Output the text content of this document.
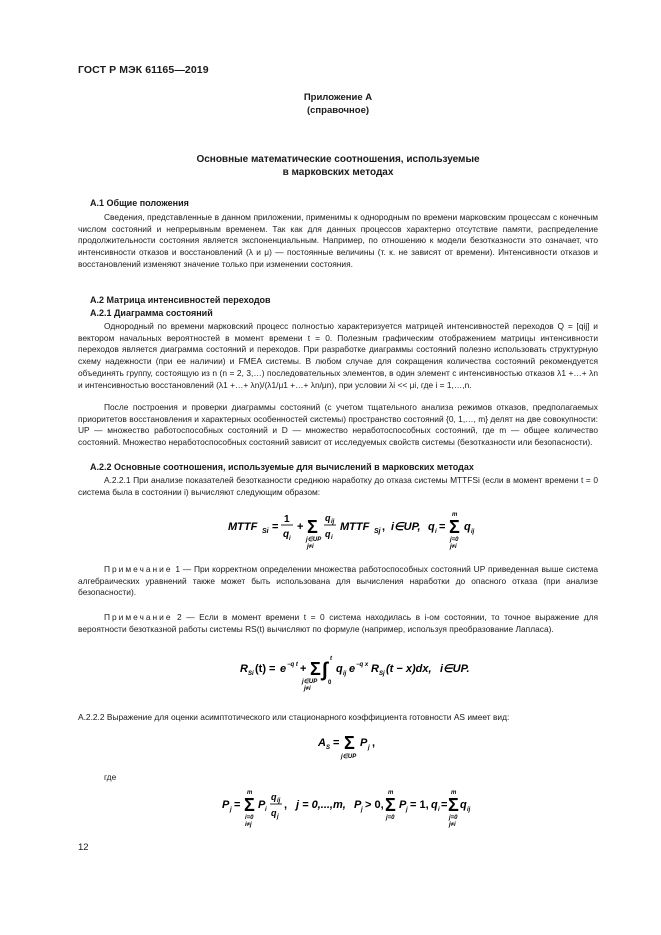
ГОСТ Р МЭК 61165—2019
Приложение А
(справочное)
Основные математические соотношения, используемые
в марковских методах
А.1 Общие положения
Сведения, представленные в данном приложении, применимы к однородным по времени марковским процессам с конечным числом состояний и непрерывным временем. Так как для данных процессов характерно отсутствие памяти, распределение продолжительности состояния является экспоненциальным. Например, по отношению к модели безотказности это означает, что интенсивности отказов и восстановлений (λ и μ) — постоянные величины (т. к. не зависят от времени). Интенсивности отказов и восстановлений изменяют значение только при изменении состояния.
А.2 Матрица интенсивностей переходов
А.2.1 Диаграмма состояний
Однородный по времени марковский процесс полностью характеризуется матрицей интенсивностей переходов Q = [qij] и вектором начальных вероятностей в момент времени t = 0. Полезным графическим отображением матрицы интенсивности переходов является диаграмма состояний и переходов. При разработке диаграммы состояний полезно использовать структурную схему надежности (при ее наличии) и FMEA системы. В любом случае для сокращения количества состояний рекомендуется объединять группу, состоящую из n (n = 2, 3,…) последовательных элементов, в один элемент с интенсивностью отказов λ1 +…+ λn и интенсивностью восстановлений (λ1 +…+ λn)/(λ1/μ1 +…+ λn/μn), при условии λi << μi, где i = 1,…,n.
После построения и проверки диаграммы состояний (с учетом тщательного анализа режимов отказов, предполагаемых приоритетов восстановления и характерных особенностей системы) пространство состояний {0, 1,…, m} делят на две совокупности: UP — множество работоспособных состояний и D — множество неработоспособных состояний, где m — общее количество состояний. Множество неработоспособных состояний зависит от исследуемых свойств системы (безотказности или безопасности).
А.2.2 Основные соотношения, используемые для вычислений в марковских методах
А.2.2.1 При анализе показателей безотказности среднюю наработку до отказа системы MTTFSi (если в момент времени t = 0 система была в состоянии i) вычисляют следующим образом:
MTTF Si =
1
q i
+ Σ
j∈UP
j≠i
q ij
q i
MTTF Sj , i∈UP, q i = Σ
m
j=0
j≠i
q ij
Примечание 1 — При корректном определении множества работоспособных состояний UP приведенная выше система алгебраических уравнений также может быть использована для вычисления наработки до опасного отказа (при анализе безопасности).
Примечание 2 — Если в момент времени t = 0 система находилась в i-ом состоянии, то точное выражение для вероятности безотказной работы системы RS(t) вычисляют по формуле (например, используя преобразование Лапласа).
R Si (t) = e −q t + Σ
j∈UP
j≠i
∫ t
0
q ij e −q x R Sj (t − x)dx, i∈UP.
А.2.2.2 Выражение для оценки асимптотического или стационарного коэффициента готовности AS имеет вид:
A S = Σ
j∈UP
P j ,
где
P j = Σ
m
i=0
i≠j
P i
q ij
q j
, j = 0,...,m, P j > 0, Σ
m
j=0
P j = 1, q i = Σ
m
j=0
j≠i
q ij
12
